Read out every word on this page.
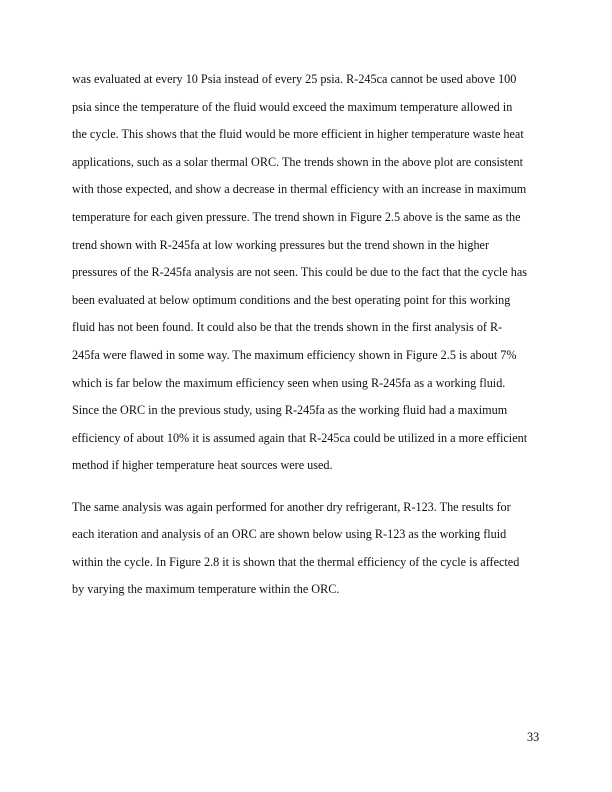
was evaluated at every 10 Psia instead of every 25 psia. R-245ca cannot be used above 100
psia since the temperature of the fluid would exceed the maximum temperature allowed in
the cycle. This shows that the fluid would be more efficient in higher temperature waste heat
applications, such as a solar thermal ORC. The trends shown in the above plot are consistent
with those expected, and show a decrease in thermal efficiency with an increase in maximum
temperature for each given pressure. The trend shown in Figure 2.5 above is the same as the
trend shown with R-245fa at low working pressures but the trend shown in the higher
pressures of the R-245fa analysis are not seen. This could be due to the fact that the cycle has
been evaluated at below optimum conditions and the best operating point for this working
fluid has not been found. It could also be that the trends shown in the first analysis of R-
245fa were flawed in some way. The maximum efficiency shown in Figure 2.5 is about 7%
which is far below the maximum efficiency seen when using R-245fa as a working fluid.
Since the ORC in the previous study, using R-245fa as the working fluid had a maximum
efficiency of about 10% it is assumed again that R-245ca could be utilized in a more efficient
method if higher temperature heat sources were used.
The same analysis was again performed for another dry refrigerant, R-123. The results for
each iteration and analysis of an ORC are shown below using R-123 as the working fluid
within the cycle. In Figure 2.8 it is shown that the thermal efficiency of the cycle is affected
by varying the maximum temperature within the ORC.
33
